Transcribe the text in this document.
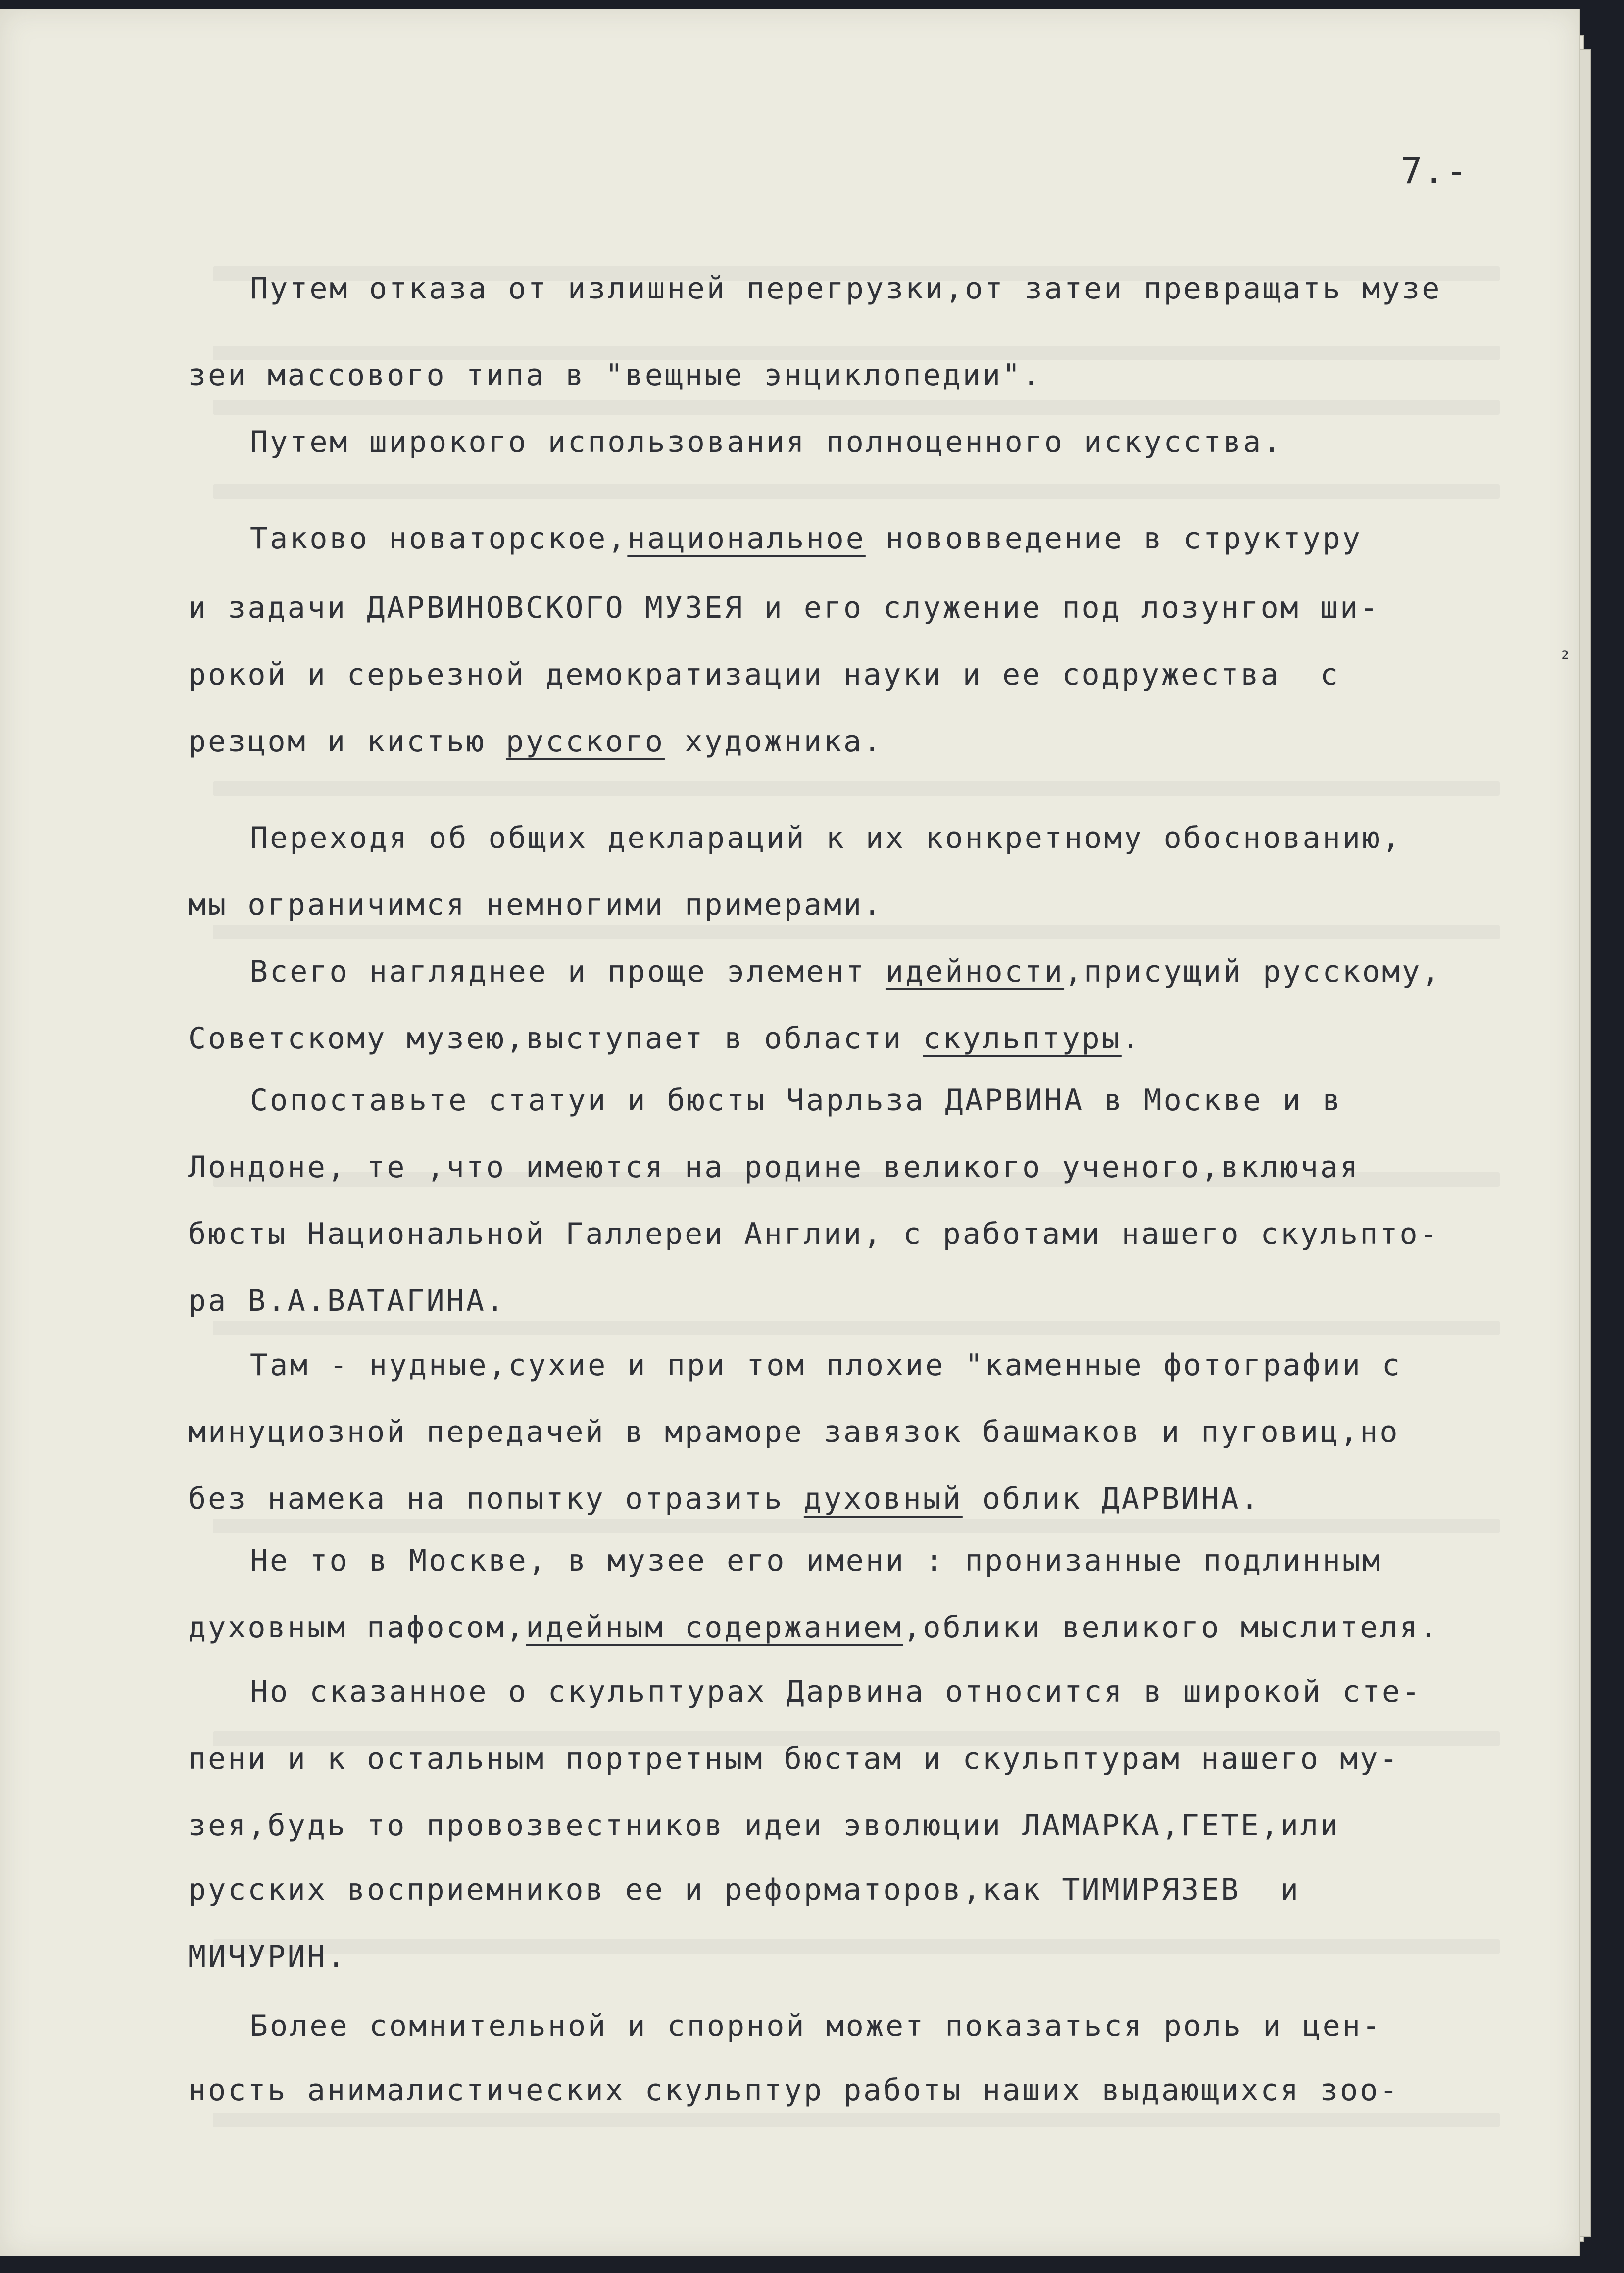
7.-
²
Путем отказа от излишней перегрузки,от затеи превращать музе
зеи массового типа в "вещные энциклопедии".
Путем широкого использования полноценного искусства.
Таково новаторское,национальное нововведение в структуру
и задачи ДАРВИНОВСКОГО МУЗЕЯ и его служение под лозунгом ши-
рокой и серьезной демократизации науки и ее содружества  с
резцом и кистью русского художника.
Переходя об общих деклараций к их конкретному обоснованию,
мы ограничимся немногими примерами.
Всего нагляднее и проще элемент идейности,присущий русскому,
Советскому музею,выступает в области скульптуры.
Сопоставьте статуи и бюсты Чарльза ДАРВИНА в Москве и в
Лондоне, те ,что имеются на родине великого ученого,включая
бюсты Национальной Галлереи Англии, с работами нашего скульпто-
ра В.А.ВАТАГИНА.
Там - нудные,сухие и при том плохие "каменные фотографии с
минуциозной передачей в мраморе завязок башмаков и пуговиц,но
без намека на попытку отразить духовный облик ДАРВИНА.
Не то в Москве, в музее его имени : пронизанные подлинным
духовным пафосом,идейным содержанием,облики великого мыслителя.
Но сказанное о скульптурах Дарвина относится в широкой сте-
пени и к остальным портретным бюстам и скульптурам нашего му-
зея,будь то провозвестников идеи эволюции ЛАМАРКА,ГЕТЕ,или
русских восприемников ее и реформаторов,как ТИМИРЯЗЕВ  и
МИЧУРИН.
Более сомнительной и спорной может показаться роль и цен-
ность анималистических скульптур работы наших выдающихся зоо-
